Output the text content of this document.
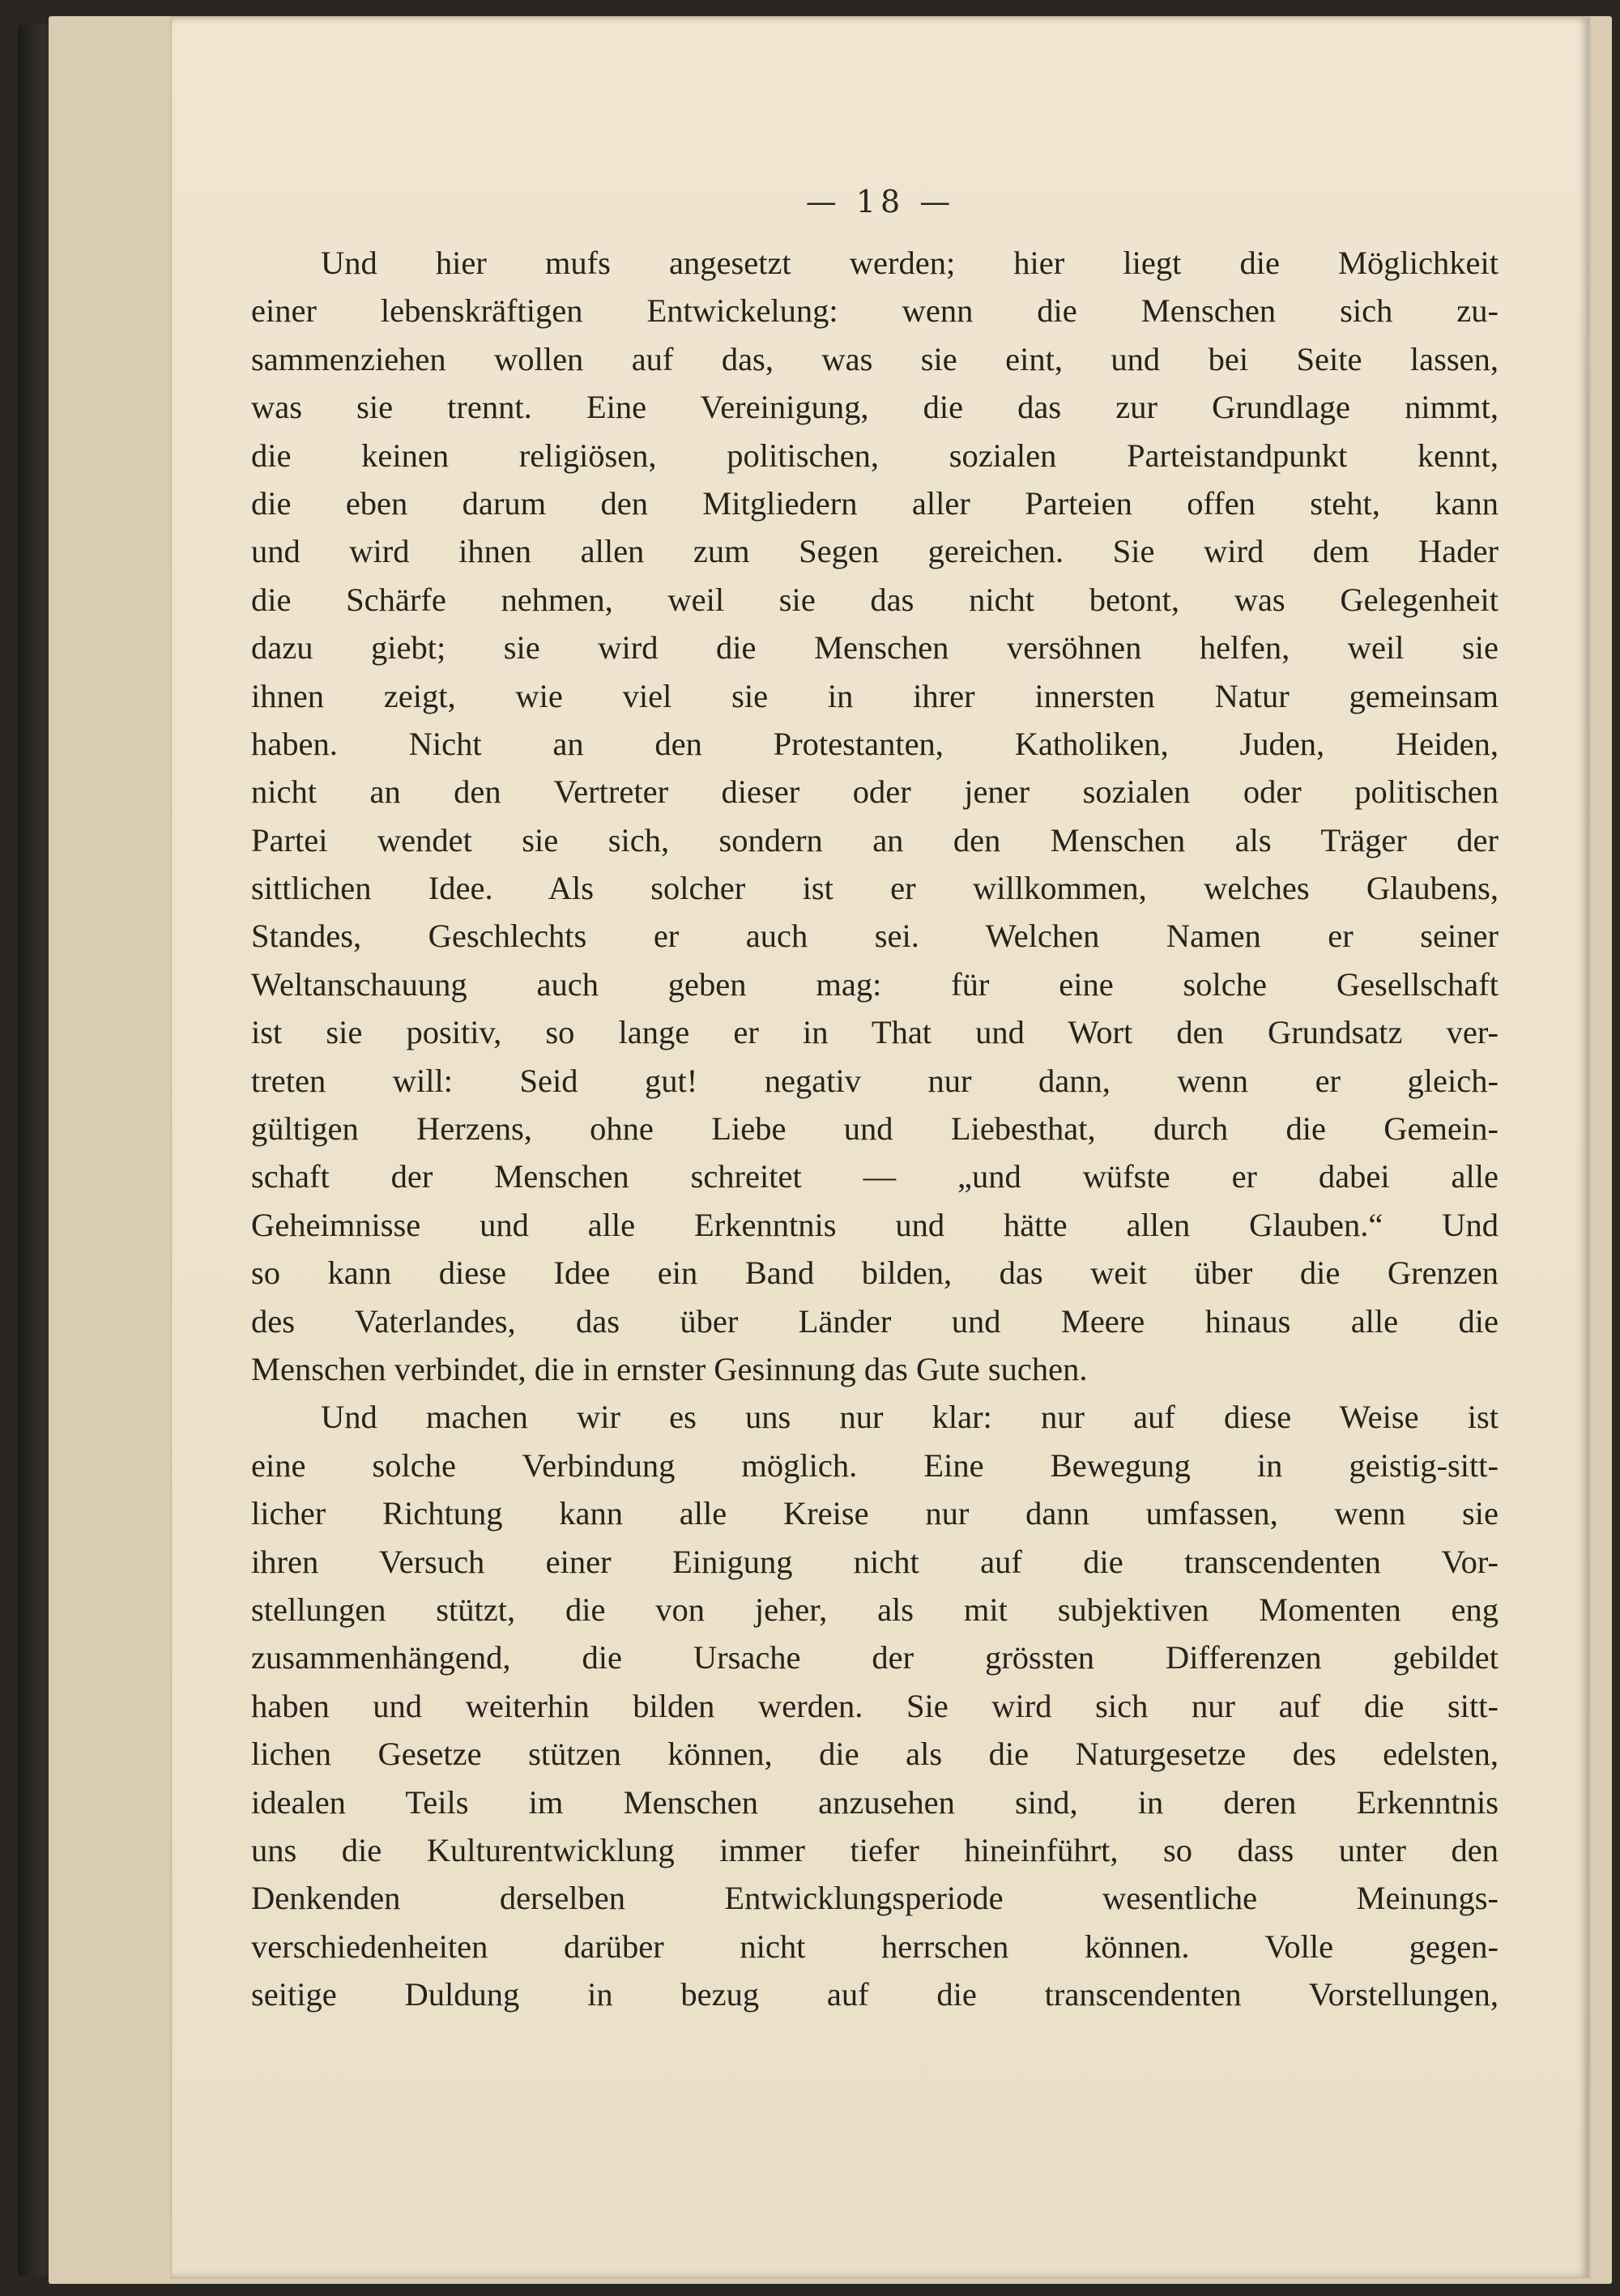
— 18 —
Und hier mufs angesetzt werden; hier liegt die Möglichkeit
einer lebenskräftigen Entwickelung: wenn die Menschen sich zu-
sammenziehen wollen auf das, was sie eint, und bei Seite lassen,
was sie trennt. Eine Vereinigung, die das zur Grundlage nimmt,
die keinen religiösen, politischen, sozialen Parteistandpunkt kennt,
die eben darum den Mitgliedern aller Parteien offen steht, kann
und wird ihnen allen zum Segen gereichen. Sie wird dem Hader
die Schärfe nehmen, weil sie das nicht betont, was Gelegenheit
dazu giebt; sie wird die Menschen versöhnen helfen, weil sie
ihnen zeigt, wie viel sie in ihrer innersten Natur gemeinsam
haben. Nicht an den Protestanten, Katholiken, Juden, Heiden,
nicht an den Vertreter dieser oder jener sozialen oder politischen
Partei wendet sie sich, sondern an den Menschen als Träger der
sittlichen Idee. Als solcher ist er willkommen, welches Glaubens,
Standes, Geschlechts er auch sei. Welchen Namen er seiner
Weltanschauung auch geben mag: für eine solche Gesellschaft
ist sie positiv, so lange er in That und Wort den Grundsatz ver-
treten will: Seid gut! negativ nur dann, wenn er gleich-
gültigen Herzens, ohne Liebe und Liebesthat, durch die Gemein-
schaft der Menschen schreitet — „und wüfste er dabei alle
Geheimnisse und alle Erkenntnis und hätte allen Glauben.“ Und
so kann diese Idee ein Band bilden, das weit über die Grenzen
des Vaterlandes, das über Länder und Meere hinaus alle die
Menschen verbindet, die in ernster Gesinnung das Gute suchen.
Und machen wir es uns nur klar: nur auf diese Weise ist
eine solche Verbindung möglich. Eine Bewegung in geistig-sitt-
licher Richtung kann alle Kreise nur dann umfassen, wenn sie
ihren Versuch einer Einigung nicht auf die transcendenten Vor-
stellungen stützt, die von jeher, als mit subjektiven Momenten eng
zusammenhängend, die Ursache der grössten Differenzen gebildet
haben und weiterhin bilden werden. Sie wird sich nur auf die sitt-
lichen Gesetze stützen können, die als die Naturgesetze des edelsten,
idealen Teils im Menschen anzusehen sind, in deren Erkenntnis
uns die Kulturentwicklung immer tiefer hineinführt, so dass unter den
Denkenden derselben Entwicklungsperiode wesentliche Meinungs-
verschiedenheiten darüber nicht herrschen können. Volle gegen-
seitige Duldung in bezug auf die transcendenten Vorstellungen,
